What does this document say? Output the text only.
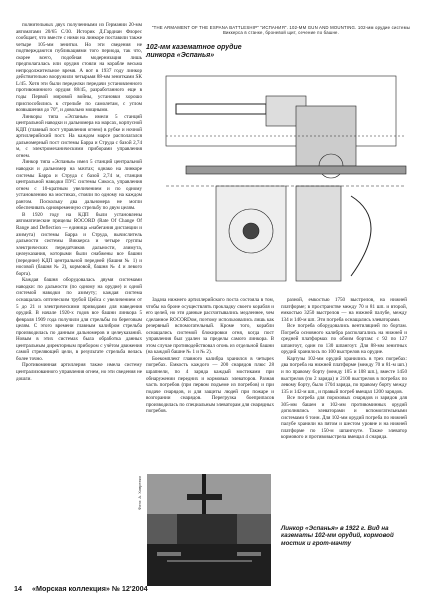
полнительных двух полученными из Германии 20-мм автоматами 20/65 С/30. Историк Д.Гардиан Флорес сообщает, что вместе с ними на линкоре поставили также четыре 105-мм зенитки. Но эти сведения не подтверждаются публикациями того периода, так что, скорее всего, подобная модернизация лишь предполагалась или орудия стояли на корабле весьма непродолжительное время. А вот в 1937 году линкор действительно вооружили четырьмя 88-мм зенитками SK L/45. Хотя эти были переделки передачи установленного противоминного орудия 88/45, разработанного еще в годы Первой мировой войны, установки хорошо приспособились к стрельбе по самолетам, с углом возвышения до 70°, и довольно мощными.

Линкоры типа «Эспанья» имели 5 станций центральной наводки и дальномера на марсах, корпусной КДП (главный пост управления огнем) в рубке и ночной артиллерийский пост. На каждом марсе располагался дальномерный пост системы Барра и Струда с базой 2,74 м, с электромеханическими приборами управления огнем.

Линкор типа «Эспанья» имел 5 станций центральной наводки и дальномер на мачтах; однако на линкоре системы Барра и Струда с базой 2,74 м, станция центральной наводки ПУС системы Сикоса, управления огнем с 10-кратным увеличением и по одному установлению на мостиках, стояли по одному на каждом рангом. Поскольку два дальномера не могли обеспечивать одновременную стрельбу по двум целям.

В 1920 году на КДП были установлены автоматические прицелы ROCORD (Rate Of Change Of Range and Deflection — единица «набегания дистанции и азимута) системы Барра и Струда, вычислитель дальности системы Виккерса и четыре группы электрических передатчиков дальности, азимута, целеуказания, которыми были снабжены все башни (передние) КДП центральной передней (башня № 1) и носовой (башня № 2), кормовой, башня № 4 и левого борта).

Каждая башня оборудовалась двумя системами наводки: по дальности (по одному на орудие) и одной системой наводки по азимуту; каждая система оснащалась оптическим трубой Цейса с увеличением от 5 до 21 и электрическими приводами для наведения орудий. В начале 1920-х годов все башни линкора 5 февраля 1909 года получили для стрельбы по береговым целям. С этого времени главным калибром стрельба производилась по данным дальномеров и целеуказаний. Новым в этих системах была обработка данных центральным директорным прибором с учётом движения самой стреляющей цели, в результате стрельба велась более точно.

Противоминная артиллерия также имела систему централизованного управления огнем, но эти сведения не дошли.

"THE ARMAMENT OF THE ESPANA BATTLESHIP" "ИСПАНИЯ". 102-MM GUN AND MOUNTING. 102-мм орудие системы Виккерса в станке, броневой щит, сечение по башне.
102-мм казематное орудие линкора «Эспанья»

Задача нижнего артиллерийского поста состояла в том, чтобы на броне осуществлять прокладку своего корабля и его целей, но эти данные рассчитывались медленнее, чем сделанное ROCORDом, поэтому использовались лишь как резервный вспомогательный. Кроме того, корабли оснащались системой блокировки огня, когда пост управления был удален за пределы самого линкора. В этом случае противодействовал огонь из отдельной башни (на каждой башне № 1 и № 2).

Боекомплект главного калибра хранился в четырех погребах. Емкость каждого — 200 снарядов плюс 28 шрапнели, по 4 заряда каждый мостиками при обнаружении передних и кормовых элеваторов. Разная часть погребов (при первом подъеме из погребов) и при подаче снарядов, и для защиты людей при пожаре и возгорании снарядов. Перегрузка боеприпасов производилась по специальным элеваторам для снарядных погребов.

разной, емкостью 1750 выстрелов, на нижней платформе; в пространстве между 70 и 81 шп. и второй, емкостью 3250 выстрелов — на нижней палубе, между 134 и 140-м шп. Эти погреба оснащались элеваторами.

Все погреба оборудовались вентиляцией по бортам. Погреба основного калибра располагались на нижней и средней платформах по обоим бортам: с 92 по 127 шпангоут, один по 130 шпангоут. Для 88-мм зенитных орудий хранилось по 100 выстрелов на орудие.

Картузы 102-мм орудий хранились в трех погребах: два погреба на нижней платформе (между 70 и 81-м шп.) и по правому борту (между 105 и 108 шп.), вместе 1450 выстрелов (по 2 заряда) и 2100 выстрелов в погребах по левому борту, было 1704 заряда, по правому борту между 135 и 142-м шп., и правый погреб вмещал 1200 зарядов.

Все погреба для пороховых снарядов и зарядов для 305-мм башен и 102-мм противоминных орудий дополнялись элеваторами и вспомогательными системами 6 тонн. Для 102-мм орудий погреба по нижней палубе хранили на пятом и шестом уровне и на нижней платформе по 150-м шпангоуте. Также элеватор кормового и противовыстрела вмещал 4 снаряда.

Фото: А. Ховренко
Линкор «Эспанья» в 1922 г. Вид на казематы 102-мм орудий, кормовой мостик и грот-мачту
14 «Морская коллекция» № 12'2004
